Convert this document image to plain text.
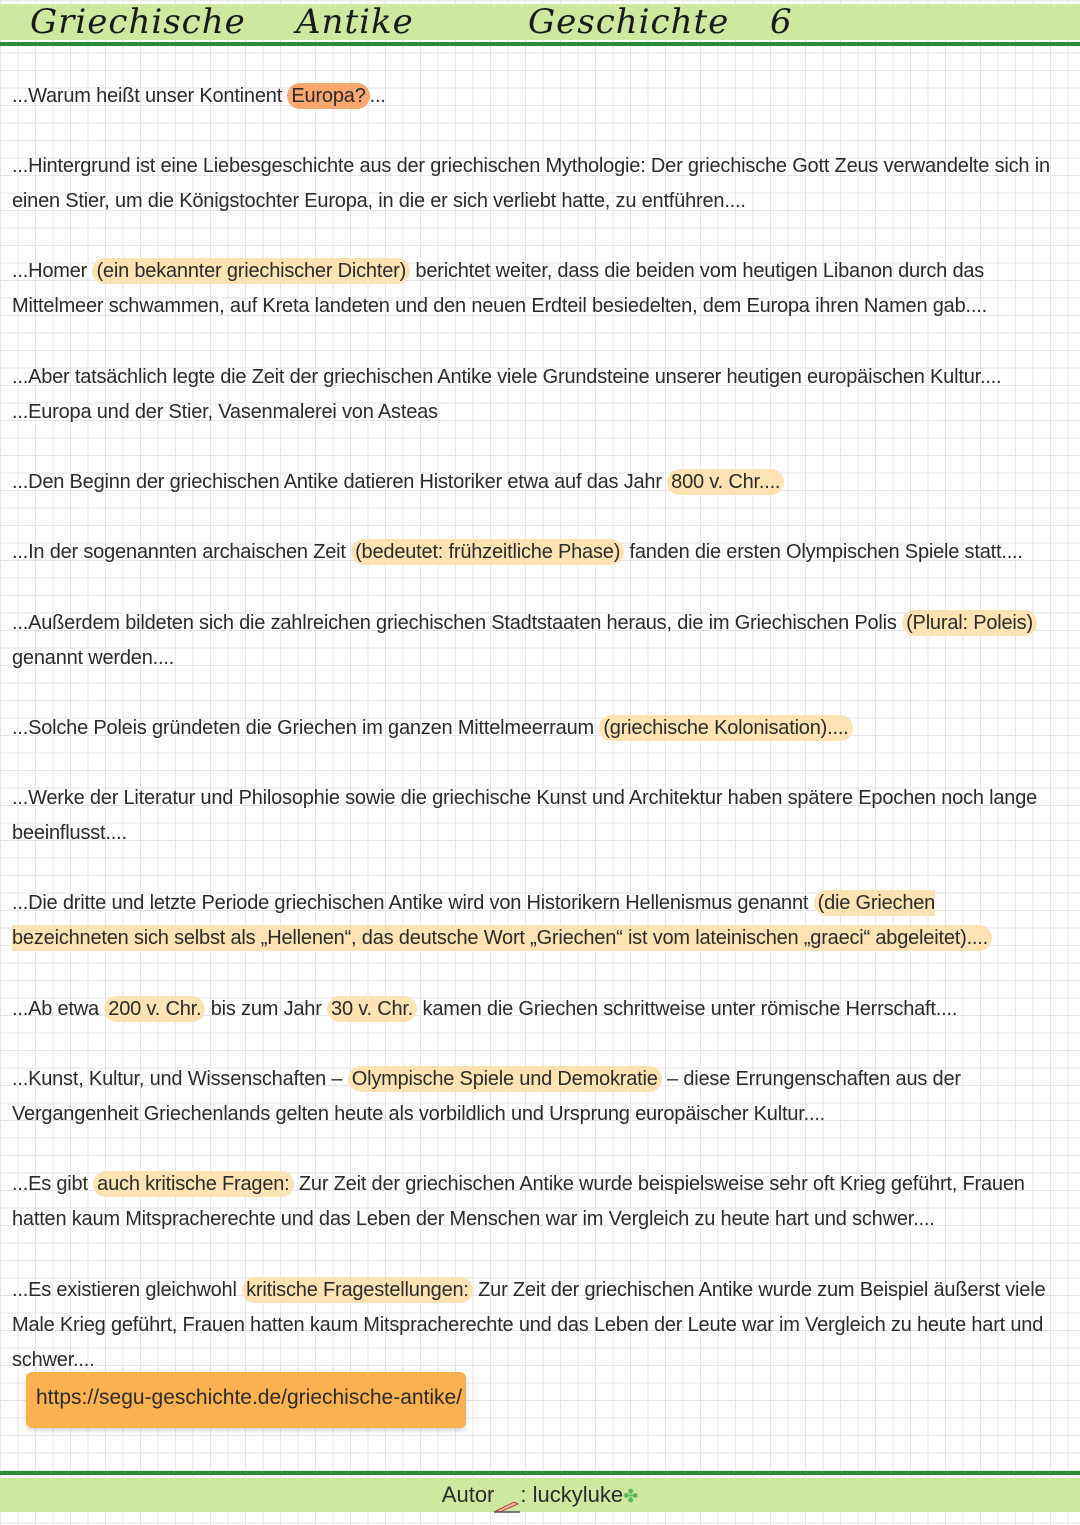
Griechische Antike	Geschichte 6

...Warum heißt unser Kontinent Europa? ...

...Hintergrund ist eine Liebesgeschichte aus der griechischen Mythologie: Der griechische Gott Zeus verwandelte sich in einen Stier, um die Königstochter Europa, in die er sich verliebt hatte, zu entführen....

...Homer (ein bekannter griechischer Dichter) berichtet weiter, dass die beiden vom heutigen Libanon durch das Mittelmeer schwammen, auf Kreta landeten und den neuen Erdteil besiedelten, dem Europa ihren Namen gab....

...Aber tatsächlich legte die Zeit der griechischen Antike viele Grundsteine unserer heutigen europäischen Kultur....
...Europa und der Stier, Vasenmalerei von Asteas

...Den Beginn der griechischen Antike datieren Historiker etwa auf das Jahr 800 v. Chr....

...In der sogenannten archaischen Zeit (bedeutet: frühzeitliche Phase) fanden die ersten Olympischen Spiele statt....

...Außerdem bildeten sich die zahlreichen griechischen Stadtstaaten heraus, die im Griechischen Polis (Plural: Poleis) genannt werden....

...Solche Poleis gründeten die Griechen im ganzen Mittelmeerraum (griechische Kolonisation)....

...Werke der Literatur und Philosophie sowie die griechische Kunst und Architektur haben spätere Epochen noch lange beeinflusst....

...Die dritte und letzte Periode griechischen Antike wird von Historikern Hellenismus genannt (die Griechen bezeichneten sich selbst als „Hellenen“, das deutsche Wort „Griechen“ ist vom lateinischen „graeci“ abgeleitet)....

...Ab etwa 200 v. Chr. bis zum Jahr 30 v. Chr. kamen die Griechen schrittweise unter römische Herrschaft....

...Kunst, Kultur, und Wissenschaften – Olympische Spiele und Demokratie – diese Errungenschaften aus der Vergangenheit Griechenlands gelten heute als vorbildlich und Ursprung europäischer Kultur....

...Es gibt auch kritische Fragen: Zur Zeit der griechischen Antike wurde beispielsweise sehr oft Krieg geführt, Frauen hatten kaum Mitspracherechte und das Leben der Menschen war im Vergleich zu heute hart und schwer....

...Es existieren gleichwohl kritische Fragestellungen: Zur Zeit der griechischen Antike wurde zum Beispiel äußerst viele Male Krieg geführt, Frauen hatten kaum Mitspracherechte und das Leben der Leute war im Vergleich zu heute hart und schwer....

https://segu-geschichte.de/griechische-antike/
Autor : luckyluke✤
